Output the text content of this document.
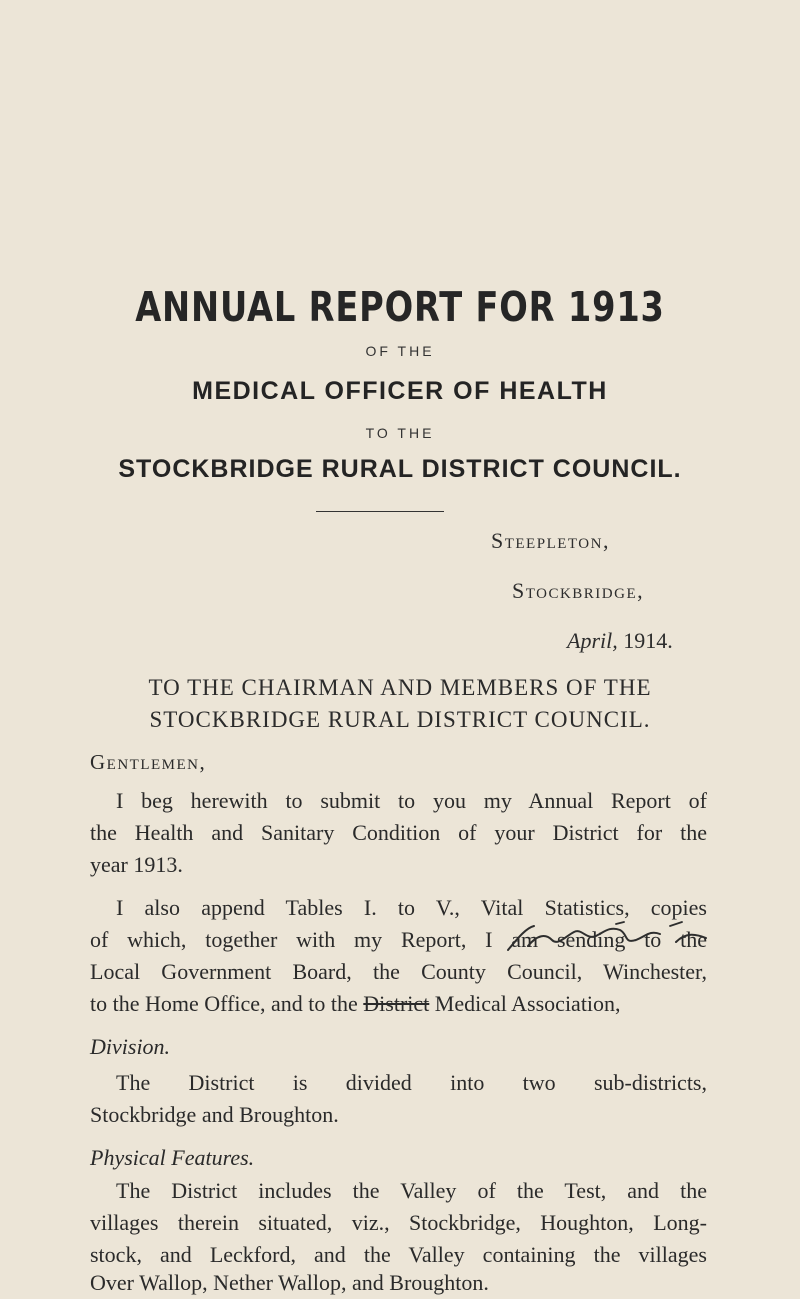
ANNUAL REPORT FOR 1913
OF THE
MEDICAL OFFICER OF HEALTH
TO THE
STOCKBRIDGE RURAL DISTRICT COUNCIL.
Steepleton,
Stockbridge,
April, 1914.
TO THE CHAIRMAN AND MEMBERS OF THE
STOCKBRIDGE RURAL DISTRICT COUNCIL.
Gentlemen,
I beg herewith to submit to you my Annual Report of
the Health and Sanitary Condition of your District for the
year 1913.
I also append Tables I. to V., Vital Statistics, copies
of which, together with my Report, I am sending to the
Local Government Board, the County Council, Winchester,
to the Home Office, and to the District Medical Association,
Division.
The District is divided into two sub-districts,
Stockbridge and Broughton.
Physical Features.
The District includes the Valley of the Test, and the
villages therein situated, viz., Stockbridge, Houghton, Long-
stock, and Leckford, and the Valley containing the villages
Over Wallop, Nether Wallop, and Broughton.
